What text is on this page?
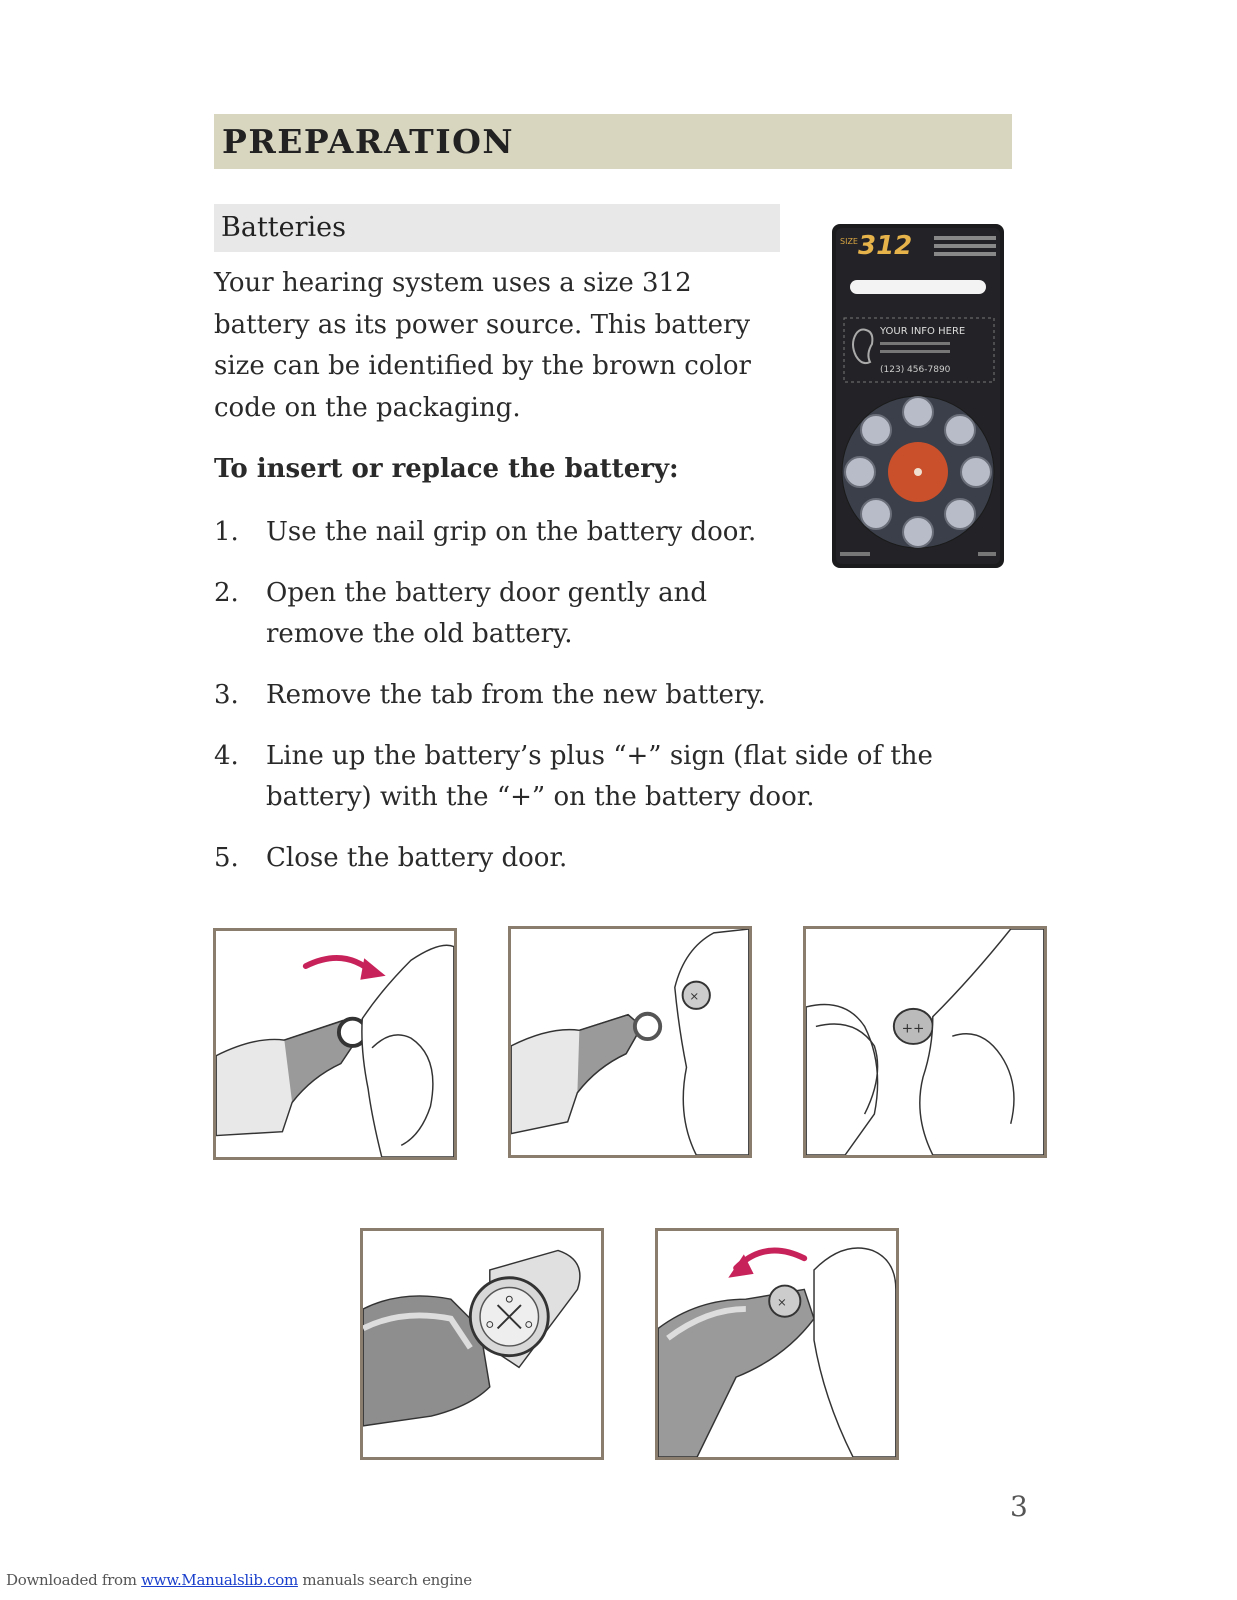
PREPARATION
Batteries

Your hearing system uses a size 312 battery as its power source. This battery size can be identified by the brown color code on the packaging.

To insert or replace the battery:
1. Use the nail grip on the battery door.
2. Open the battery door gently and remove the old battery.
3. Remove the tab from the new battery.
4. Line up the battery’s plus “+” sign (flat side of the battery) with the “+” on the battery door.
5. Close the battery door.
SIZE 312
YOUR INFO HERE
(123) 456-7890
×
++
×
3
Downloaded from www.Manualslib.com manuals search engine
